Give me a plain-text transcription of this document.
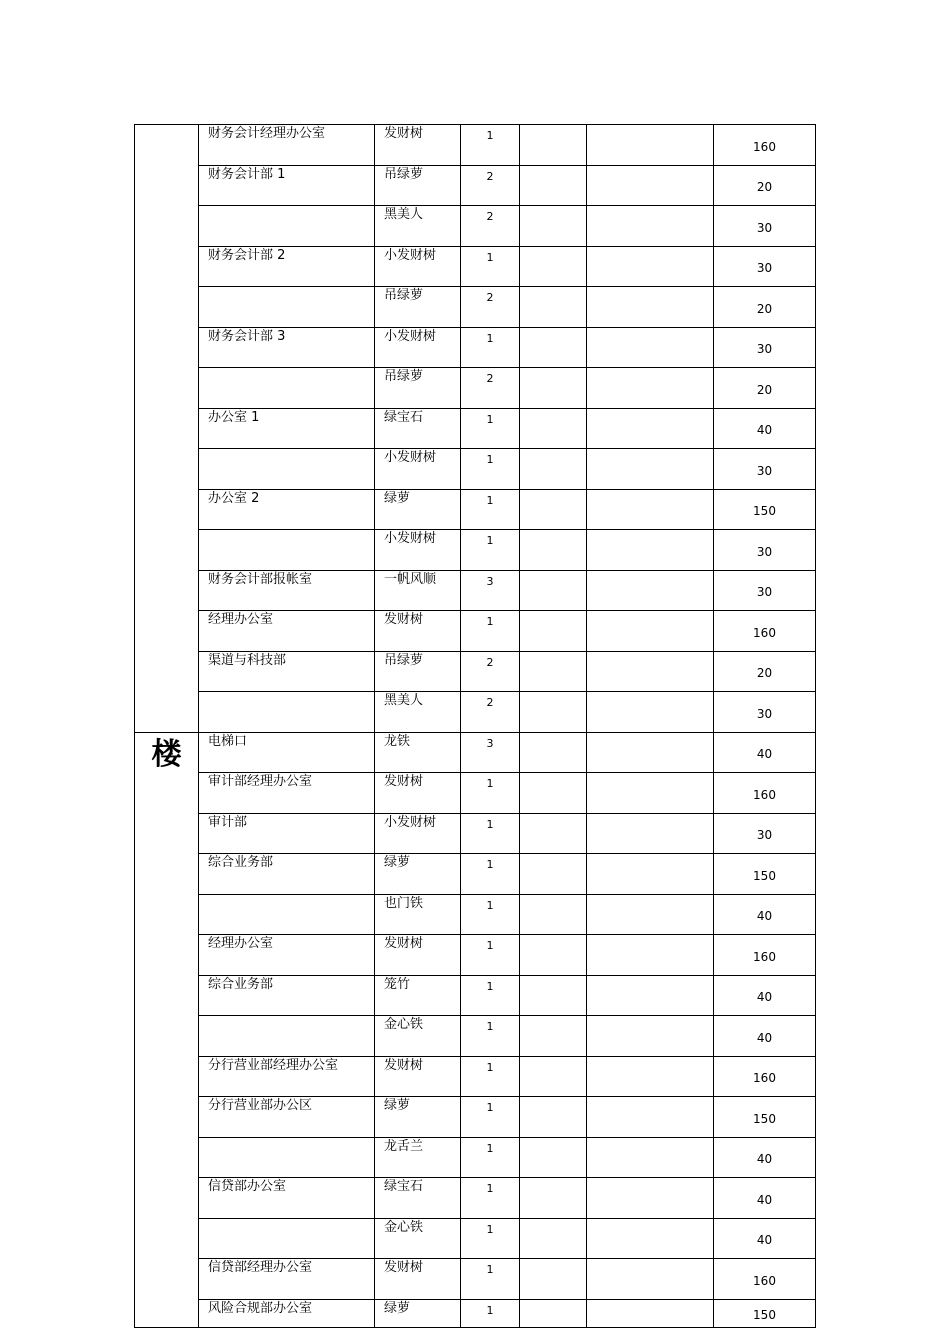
	财务会计经理办公室	发财树	1			160
	财务会计部 1	吊绿萝	2			20
		黑美人	2			30
	财务会计部 2	小发财树	1			30
		吊绿萝	2			20
	财务会计部 3	小发财树	1			30
		吊绿萝	2			20
	办公室 1	绿宝石	1			40
		小发财树	1			30
	办公室 2	绿萝	1			150
		小发财树	1			30
	财务会计部报帐室	一帆风顺	3			30
	经理办公室	发财树	1			160
	渠道与科技部	吊绿萝	2			20
		黑美人	2			30

楼	电梯口	龙铁	3			40
	审计部经理办公室	发财树	1			160
	审计部	小发财树	1			30
	综合业务部	绿萝	1			150
		也门铁	1			40
	经理办公室	发财树	1			160
	综合业务部	笼竹	1			40
		金心铁	1			40
	分行营业部经理办公室	发财树	1			160
	分行营业部办公区	绿萝	1			150
		龙舌兰	1			40
	信贷部办公室	绿宝石	1			40
		金心铁	1			40
	信贷部经理办公室	发财树	1			160
	风险合规部办公室	绿萝	1			150
